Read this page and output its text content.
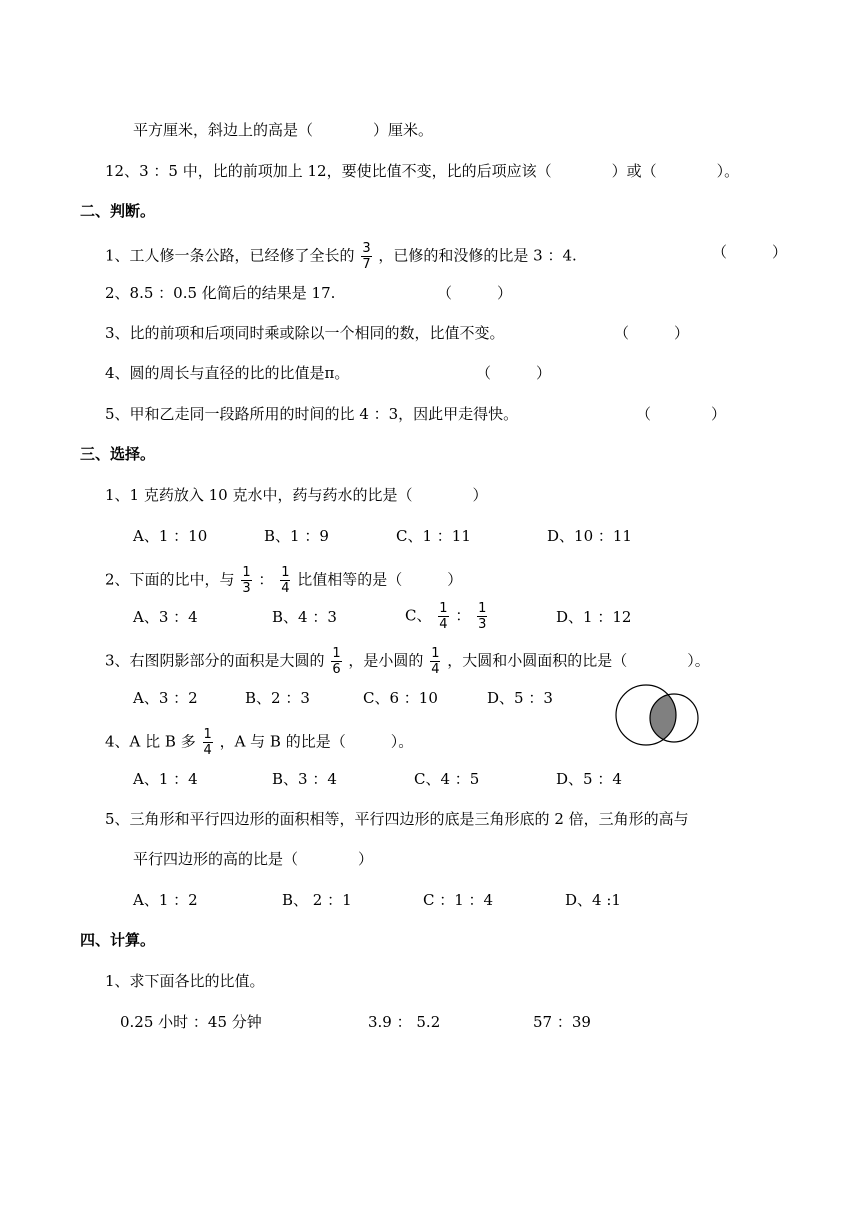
平方厘米，斜边上的高是（　　　　）厘米。
12、3 ：5 中，比的前项加上 12，要使比值不变，比的后项应该（　　　　）或（　　　　）。
二、判断。
1、工人修一条公路，已经修了全长的 $\frac{3}{7}$ ，已修的和没修的比是 3 ：4.	（　　　）
2、8.5 ：0.5 化简后的结果是 17.	（　　　）
3、比的前项和后项同时乘或除以一个相同的数，比值不变。	（　　　）
4、圆的周长与直径的比的比值是π。	（　　　）
5、甲和乙走同一段路所用的时间的比 4 ：3，因此甲走得快。	（　　　　）
三、选择。
1、1 克药放入 10 克水中，药与药水的比是（　　　　）
A、1 ：10	B、1 ：9	C、1 ：11	D、10 ：11
2、下面的比中，与 $\frac{1}{3}$ ： $\frac{1}{4}$ 比值相等的是（　　　）
A、3 ：4	B、4 ：3	C、 $\frac{1}{4}$ ： $\frac{1}{3}$	D、1 ：12
3、右图阴影部分的面积是大圆的 $\frac{1}{6}$ ，是小圆的 $\frac{1}{4}$ ，大圆和小圆面积的比是（　　　　）。
A、3 ：2	B、2 ：3	C、6 ：10	D、5 ：3
4、A 比 B 多 $\frac{1}{4}$ ，A 与 B 的比是（　　　）。
A、1 ：4	B、3 ：4	C、4 ：5	D、5 ：4
5、三角形和平行四边形的面积相等，平行四边形的底是三角形底的 2 倍，三角形的高与
平行四边形的高的比是（　　　　）
A、1 ：2	B、 2 ：1	C ：1 ：4	D、4 :1
四、计算。
1、求下面各比的比值。
0.25 小时 ：45 分钟	3.9 ： 5.2	57 ：39
